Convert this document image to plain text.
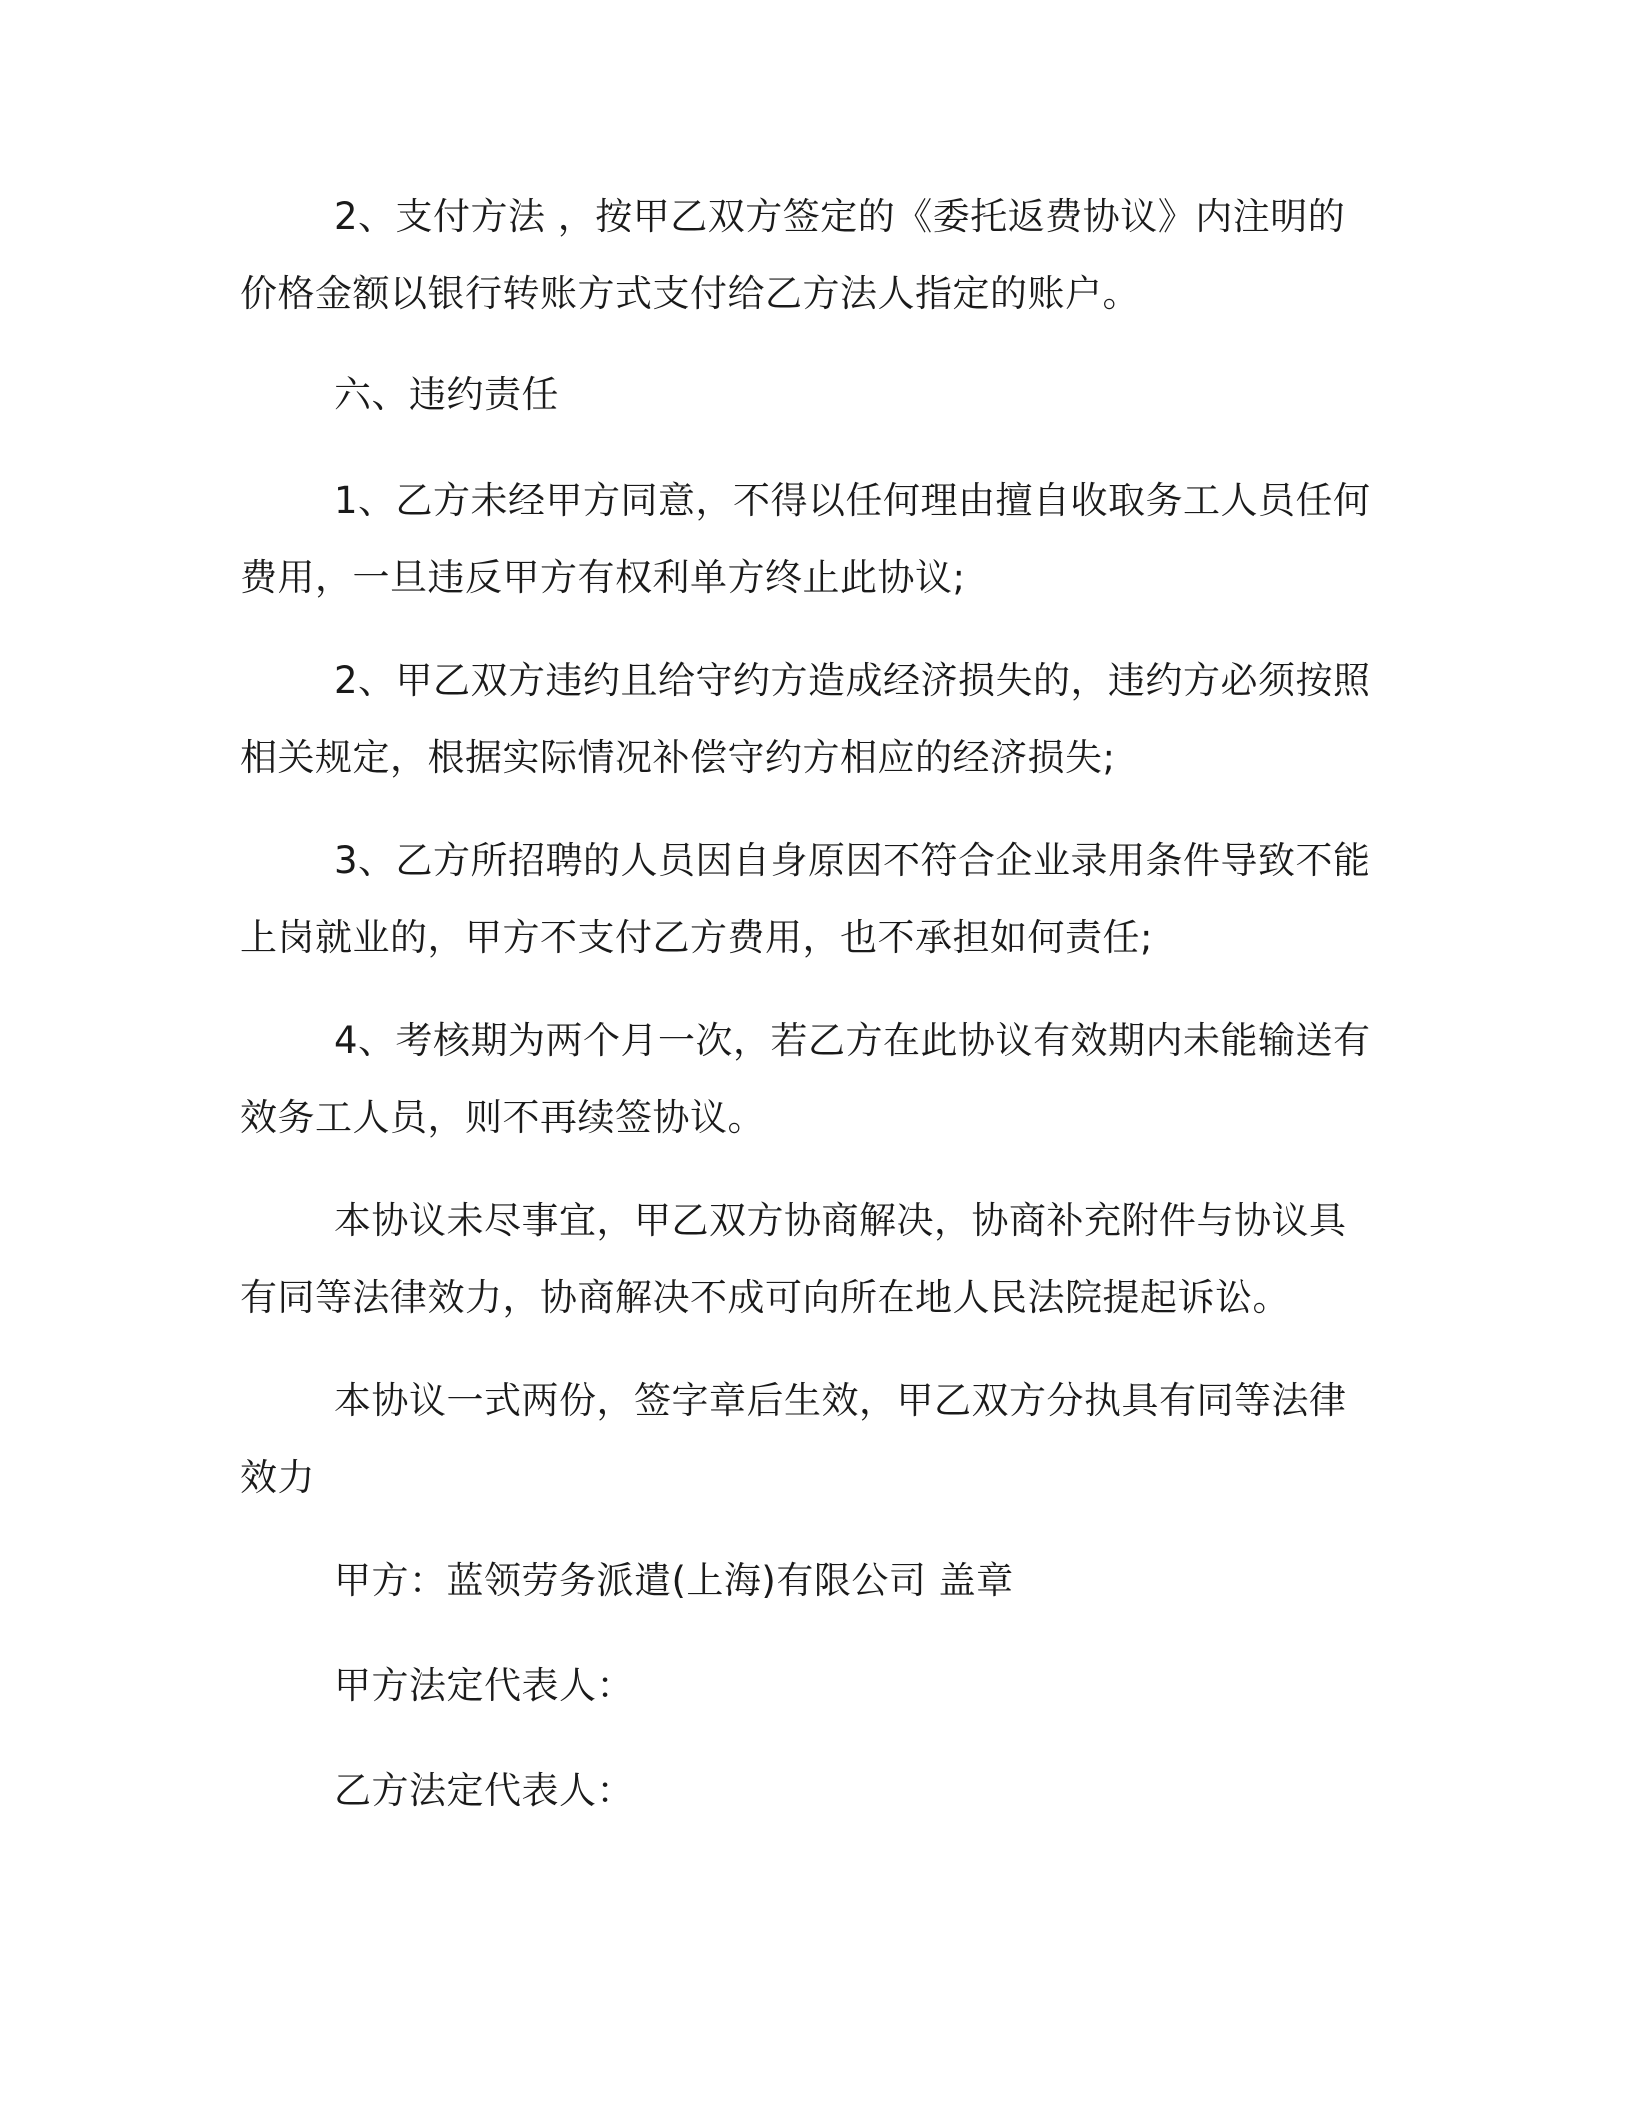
2、支付方法 ，按甲乙双方签定的《委托返费协议》内注明的价格金额以银行转账方式支付给乙方法人指定的账户。

六、违约责任

1、乙方未经甲方同意，不得以任何理由擅自收取务工人员任何费用，一旦违反甲方有权利单方终止此协议;

2、甲乙双方违约且给守约方造成经济损失的，违约方必须按照相关规定，根据实际情况补偿守约方相应的经济损失;

3、乙方所招聘的人员因自身原因不符合企业录用条件导致不能上岗就业的，甲方不支付乙方费用，也不承担如何责任;

4、考核期为两个月一次，若乙方在此协议有效期内未能输送有效务工人员，则不再续签协议。

本协议未尽事宜，甲乙双方协商解决，协商补充附件与协议具有同等法律效力，协商解决不成可向所在地人民法院提起诉讼。

本协议一式两份，签字章后生效，甲乙双方分执具有同等法律效力

甲方：蓝领劳务派遣(上海)有限公司 盖章

甲方法定代表人：

乙方法定代表人：
